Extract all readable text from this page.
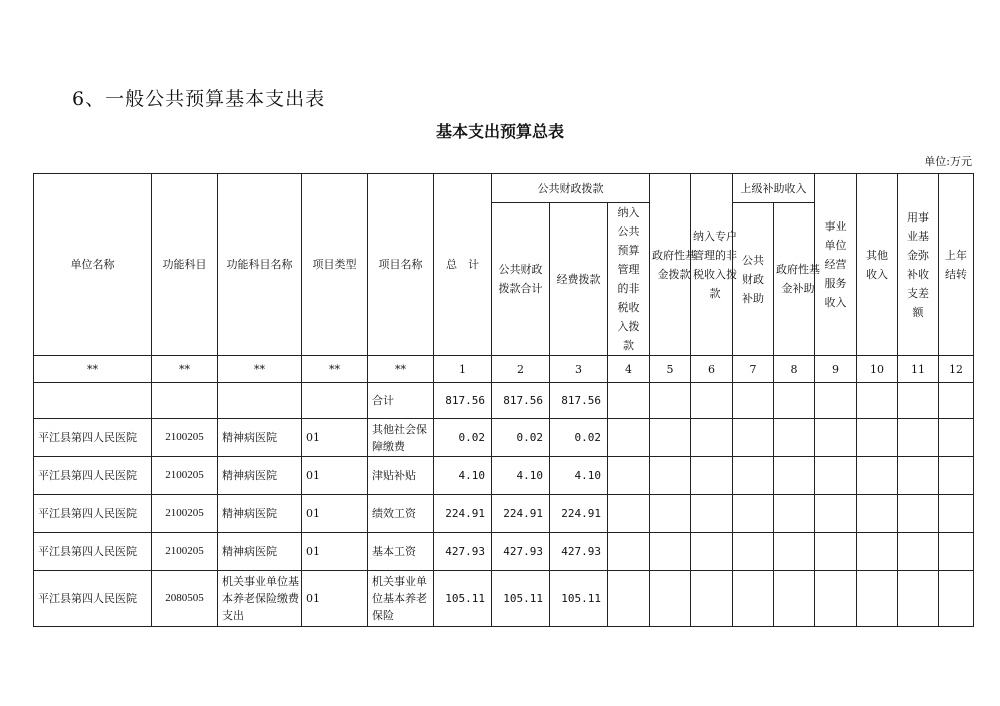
6、一般公共预算基本支出表
基本支出预算总表
单位:万元
单位名称	功能科目	功能科目名称	项目类型	项目名称	总　计	公共财政拨款			政府性基金拨款	纳入专户管理的非税收入拨款	上级补助收入		事业单位经营服务收入	其他收入	用事业基金弥补收支差额	上年结转
						公共财政拨款合计	经费拨款	纳入公共预算管理的非税收入拨款			公共财政补助	政府性基金补助				
**	**	**	**	**	1	2	3	4	5	6	7	8	9	10	11	12
				合计	817.56	817.56	817.56									
平江县第四人民医院	2100205	精神病医院	01	其他社会保障缴费	0.02	0.02	0.02									
平江县第四人民医院	2100205	精神病医院	01	津贴补贴	4.10	4.10	4.10									
平江县第四人民医院	2100205	精神病医院	01	绩效工资	224.91	224.91	224.91									
平江县第四人民医院	2100205	精神病医院	01	基本工资	427.93	427.93	427.93									
平江县第四人民医院	2080505	机关事业单位基本养老保险缴费支出	01	机关事业单位基本养老保险	105.11	105.11	105.11									
